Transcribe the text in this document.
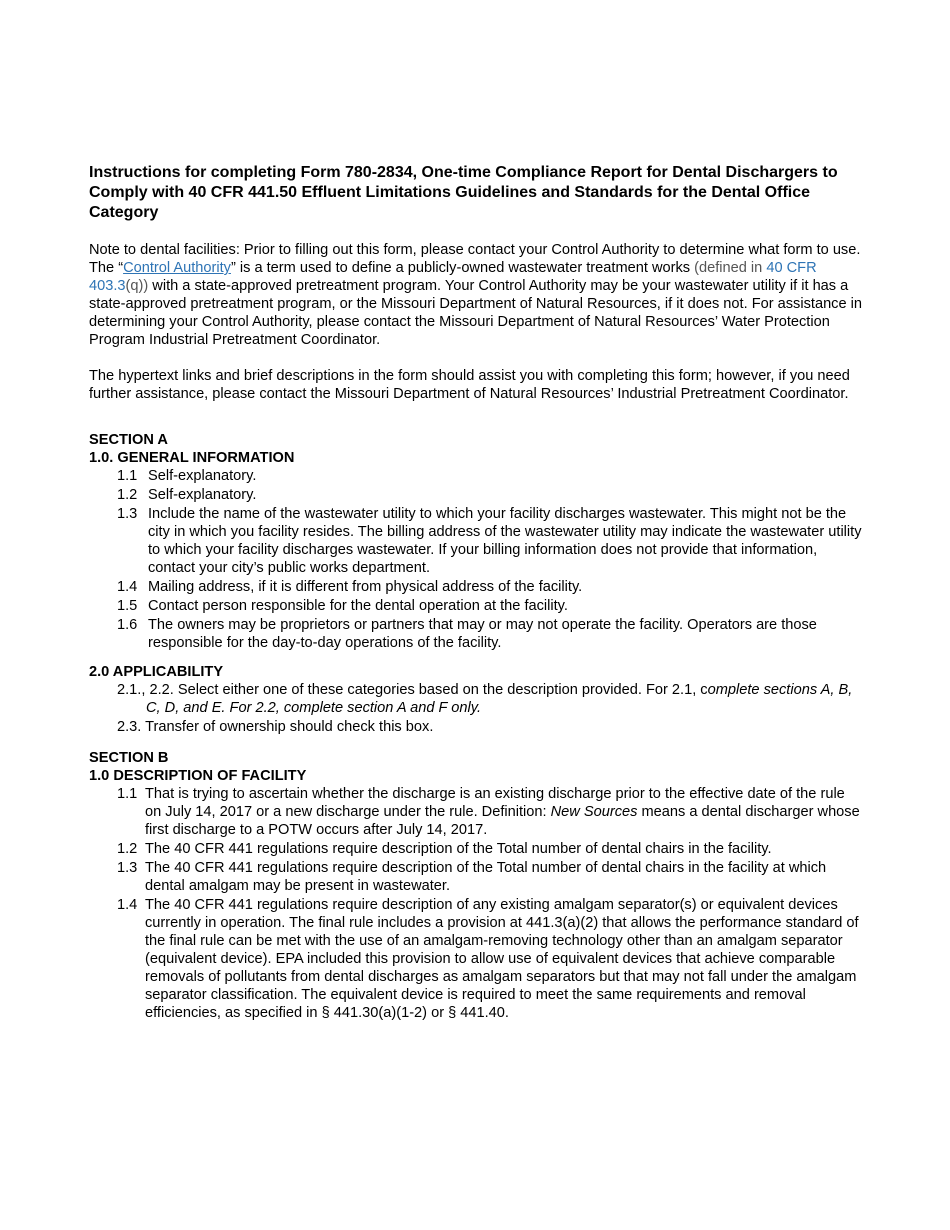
Instructions for completing Form 780-2834, One-time Compliance Report for Dental Dischargers to Comply with 40 CFR 441.50 Effluent Limitations Guidelines and Standards for the Dental Office Category

Note to dental facilities: Prior to filling out this form, please contact your Control Authority to determine what form to use. The “Control Authority” is a term used to define a publicly-owned wastewater treatment works (defined in 40 CFR 403.3(q)) with a state-approved pretreatment program. Your Control Authority may be your wastewater utility if it has a state-approved pretreatment program, or the Missouri Department of Natural Resources, if it does not. For assistance in determining your Control Authority, please contact the Missouri Department of Natural Resources’ Water Protection Program Industrial Pretreatment Coordinator.

The hypertext links and brief descriptions in the form should assist you with completing this form; however, if you need further assistance, please contact the Missouri Department of Natural Resources’ Industrial Pretreatment Coordinator.

SECTION A
1.0. GENERAL INFORMATION
1.1 Self-explanatory.
1.2 Self-explanatory.
1.3 Include the name of the wastewater utility to which your facility discharges wastewater. This might not be the city in which you facility resides. The billing address of the wastewater utility may indicate the wastewater utility to which your facility discharges wastewater. If your billing information does not provide that information, contact your city’s public works department.
1.4 Mailing address, if it is different from physical address of the facility.
1.5 Contact person responsible for the dental operation at the facility.
1.6 The owners may be proprietors or partners that may or may not operate the facility. Operators are those responsible for the day-to-day operations of the facility.
2.0 APPLICABILITY
2.1., 2.2. Select either one of these categories based on the description provided. For 2.1, complete sections A, B, C, D, and E. For 2.2, complete section A and F only.
2.3. Transfer of ownership should check this box.
SECTION B
1.0 DESCRIPTION OF FACILITY
1.1 That is trying to ascertain whether the discharge is an existing discharge prior to the effective date of the rule on July 14, 2017 or a new discharge under the rule. Definition: New Sources means a dental discharger whose first discharge to a POTW occurs after July 14, 2017.
1.2 The 40 CFR 441 regulations require description of the Total number of dental chairs in the facility.
1.3 The 40 CFR 441 regulations require description of the Total number of dental chairs in the facility at which dental amalgam may be present in wastewater.
1.4 The 40 CFR 441 regulations require description of any existing amalgam separator(s) or equivalent devices currently in operation. The final rule includes a provision at 441.3(a)(2) that allows the performance standard of the final rule can be met with the use of an amalgam-removing technology other than an amalgam separator (equivalent device). EPA included this provision to allow use of equivalent devices that achieve comparable removals of pollutants from dental discharges as amalgam separators but that may not fall under the amalgam separator classification. The equivalent device is required to meet the same requirements and removal efficiencies, as specified in § 441.30(a)(1-2) or § 441.40.
